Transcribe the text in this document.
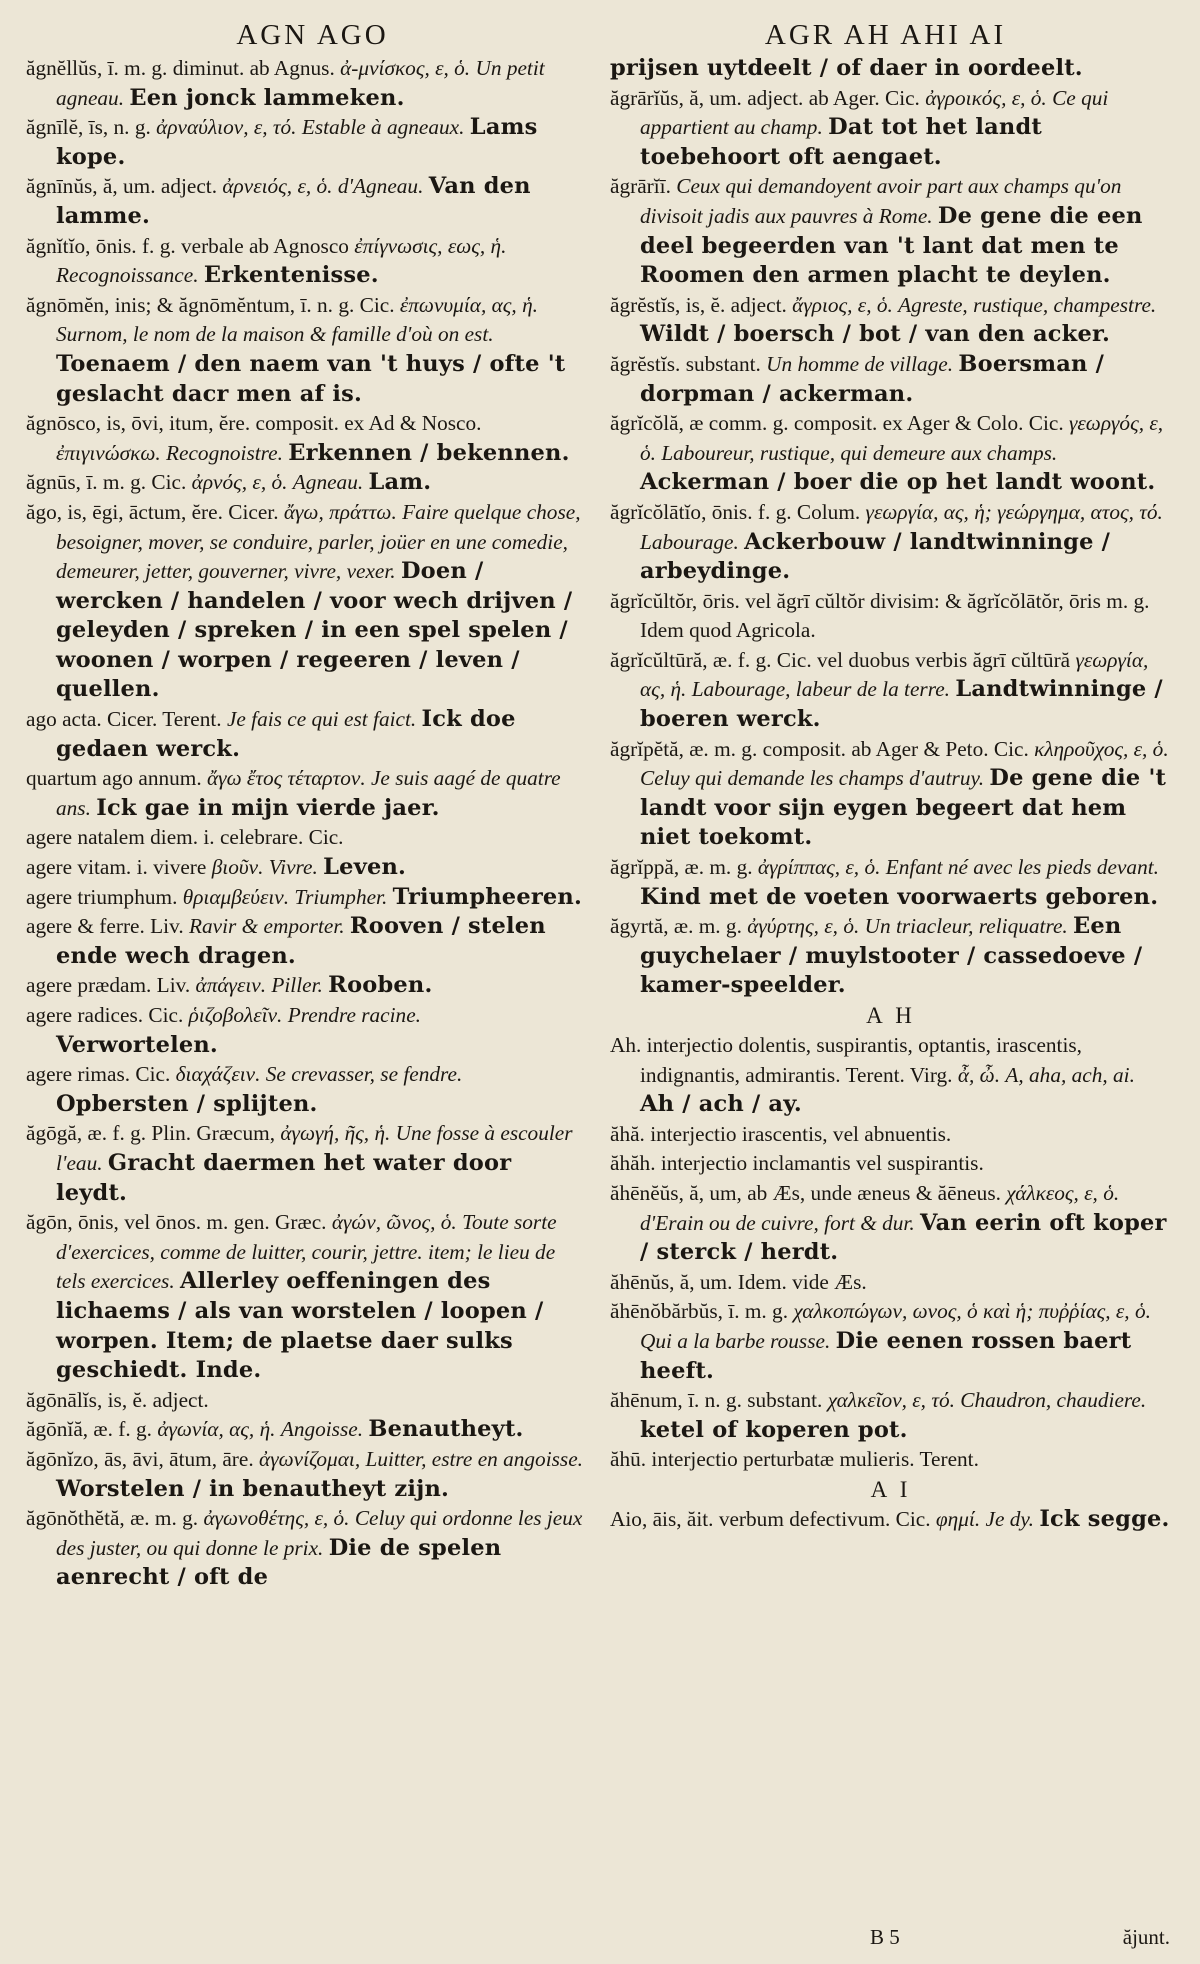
AGN AGO	AGR AH AHI AI

ăgnĕllŭs, ī. m. g. diminut. ab Agnus. ἀ-μνίσκος, ε, ὁ. Un petit agneau. Een jonck lammeken.

ăgnīlĕ, īs, n. g. ἀρναύλιον, ε, τό. Estable à agneaux. Lams kope.

ăgnīnŭs, ă, um. adject. ἀρνειός, ε, ὁ. d'Agneau. Van den lamme.

ăgnĭtĭo, ōnis. f. g. verbale ab Agnosco ἐπίγνωσις, εως, ἡ. Recognoissance. Erkentenisse.

ăgnōmĕn, inis; & ăgnōmĕntum, ī. n. g. Cic. ἐπωνυμία, ας, ἡ. Surnom, le nom de la maison & famille d'où on est. Toenaem / den naem van 't huys / ofte 't geslacht dacr men af is.

ăgnōsco, is, ōvi, itum, ĕre. composit. ex Ad & Nosco. ἐπιγινώσκω. Recognoistre. Erkennen / bekennen.

ăgnūs, ī. m. g. Cic. ἀρνός, ε, ὁ. Agneau. Lam.

ăgo, is, ēgi, āctum, ĕre. Cicer. ἄγω, πράττω. Faire quelque chose, besoigner, mover, se conduire, parler, joüer en une comedie, demeurer, jetter, gouverner, vivre, vexer. Doen / wercken / handelen / voor wech drijven / geleyden / spreken / in een spel spelen / woonen / worpen / regeeren / leven / quellen.

ago acta. Cicer. Terent. Je fais ce qui est faict. Ick doe gedaen werck.

quartum ago annum. ἄγω ἔτος τέταρτον. Je suis aagé de quatre ans. Ick gae in mijn vierde jaer.

agere natalem diem. i. celebrare. Cic.

agere vitam. i. vivere βιοῦν. Vivre. Leven.

agere triumphum. θριαμβεύειν. Triumpher. Triumpheeren.

agere & ferre. Liv. Ravir & emporter. Rooven / stelen ende wech dragen.

agere prædam. Liv. ἀπάγειν. Piller. Rooben.

agere radices. Cic. ῥιζοβολεῖν. Prendre racine. Verwortelen.

agere rimas. Cic. διαχάζειν. Se crevasser, se fendre. Opbersten / splijten.

ăgōgă, æ. f. g. Plin. Græcum, ἀγωγή, ῆς, ἡ. Une fosse à escouler l'eau. Gracht daermen het water door leydt.

ăgōn, ōnis, vel ōnos. m. gen. Græc. ἀγών, ῶνος, ὁ. Toute sorte d'exercices, comme de luitter, courir, jettre. item; le lieu de tels exercices. Allerley oeffeningen des lichaems / als van worstelen / loopen / worpen. Item; de plaetse daer sulks geschiedt. Inde.

ăgōnālĭs, is, ĕ. adject.

ăgōnĭă, æ. f. g. ἀγωνία, ας, ἡ. Angoisse. Benautheyt.

ăgōnĭzo, ās, āvi, ātum, āre. ἀγωνίζομαι, Luitter, estre en angoisse. Worstelen / in benautheyt zijn.

ăgōnŏthĕtă, æ. m. g. ἀγωνοθέτης, ε, ὁ. Celuy qui ordonne les jeux des juster, ou qui donne le prix. Die de spelen aenrecht / oft de

prijsen uytdeelt / of daer in oordeelt.

ăgrārĭŭs, ă, um. adject. ab Ager. Cic. ἀγροικός, ε, ὁ. Ce qui appartient au champ. Dat tot het landt toebehoort oft aengaet.

ăgrārĭī. Ceux qui demandoyent avoir part aux champs qu'on divisoit jadis aux pauvres à Rome. De gene die een deel begeerden van 't lant dat men te Roomen den armen placht te deylen.

ăgrĕstĭs, is, ĕ. adject. ἄγριος, ε, ὁ. Agreste, rustique, champestre. Wildt / boersch / bot / van den acker.

ăgrĕstĭs. substant. Un homme de village. Boersman / dorpman / ackerman.

ăgrĭcŏlă, æ comm. g. composit. ex Ager & Colo. Cic. γεωργός, ε, ὁ. Laboureur, rustique, qui demeure aux champs. Ackerman / boer die op het landt woont.

ăgrĭcŏlātĭo, ōnis. f. g. Colum. γεωργία, ας, ἡ; γεώργημα, ατος, τό. Labourage. Ackerbouw / landtwinninge / arbeydinge.

ăgrĭcŭltŏr, ōris. vel ăgrī cŭltŏr divisim: & ăgrĭcŏlātŏr, ōris m. g. Idem quod Agricola.

ăgrĭcŭltūră, æ. f. g. Cic. vel duobus verbis ăgrī cŭltūră γεωργία, ας, ἡ. Labourage, labeur de la terre. Landtwinninge / boeren werck.

ăgrĭpĕtă, æ. m. g. composit. ab Ager & Peto. Cic. κληροῦχος, ε, ὁ. Celuy qui demande les champs d'autruy. De gene die 't landt voor sijn eygen begeert dat hem niet toekomt.

ăgrĭppă, æ. m. g. ἀγρίππας, ε, ὁ. Enfant né avec les pieds devant. Kind met de voeten voorwaerts geboren.

ăgyrtă, æ. m. g. ἀγύρτης, ε, ὁ. Un triacleur, reliquatre. Een guychelaer / muylstooter / cassedoeve / kamer-speelder.

A H

Ah. interjectio dolentis, suspirantis, optantis, irascentis, indignantis, admirantis. Terent. Virg. ἆ, ὦ. A, aha, ach, ai. Ah / ach / ay.

ăhă. interjectio irascentis, vel abnuentis.

ăhăh. interjectio inclamantis vel suspirantis.

ăhēnĕŭs, ă, um, ab Æs, unde æneus & ăēneus. χάλκεος, ε, ὁ. d'Erain ou de cuivre, fort & dur. Van eerin oft koper / sterck / herdt.

ăhēnŭs, ă, um. Idem. vide Æs.

ăhēnŏbărbŭs, ī. m. g. χαλκοπώγων, ωνος, ὁ καὶ ἡ; πυῤῥίας, ε, ὁ. Qui a la barbe rousse. Die eenen rossen baert heeft.

ăhēnum, ī. n. g. substant. χαλκεῖον, ε, τό. Chaudron, chaudiere. ketel of koperen pot.

ăhū. interjectio perturbatæ mulieris. Terent.

A I

Aio, āis, ăit. verbum defectivum. Cic. φημί. Je dy. Ick segge.

B 5	ăjunt.
